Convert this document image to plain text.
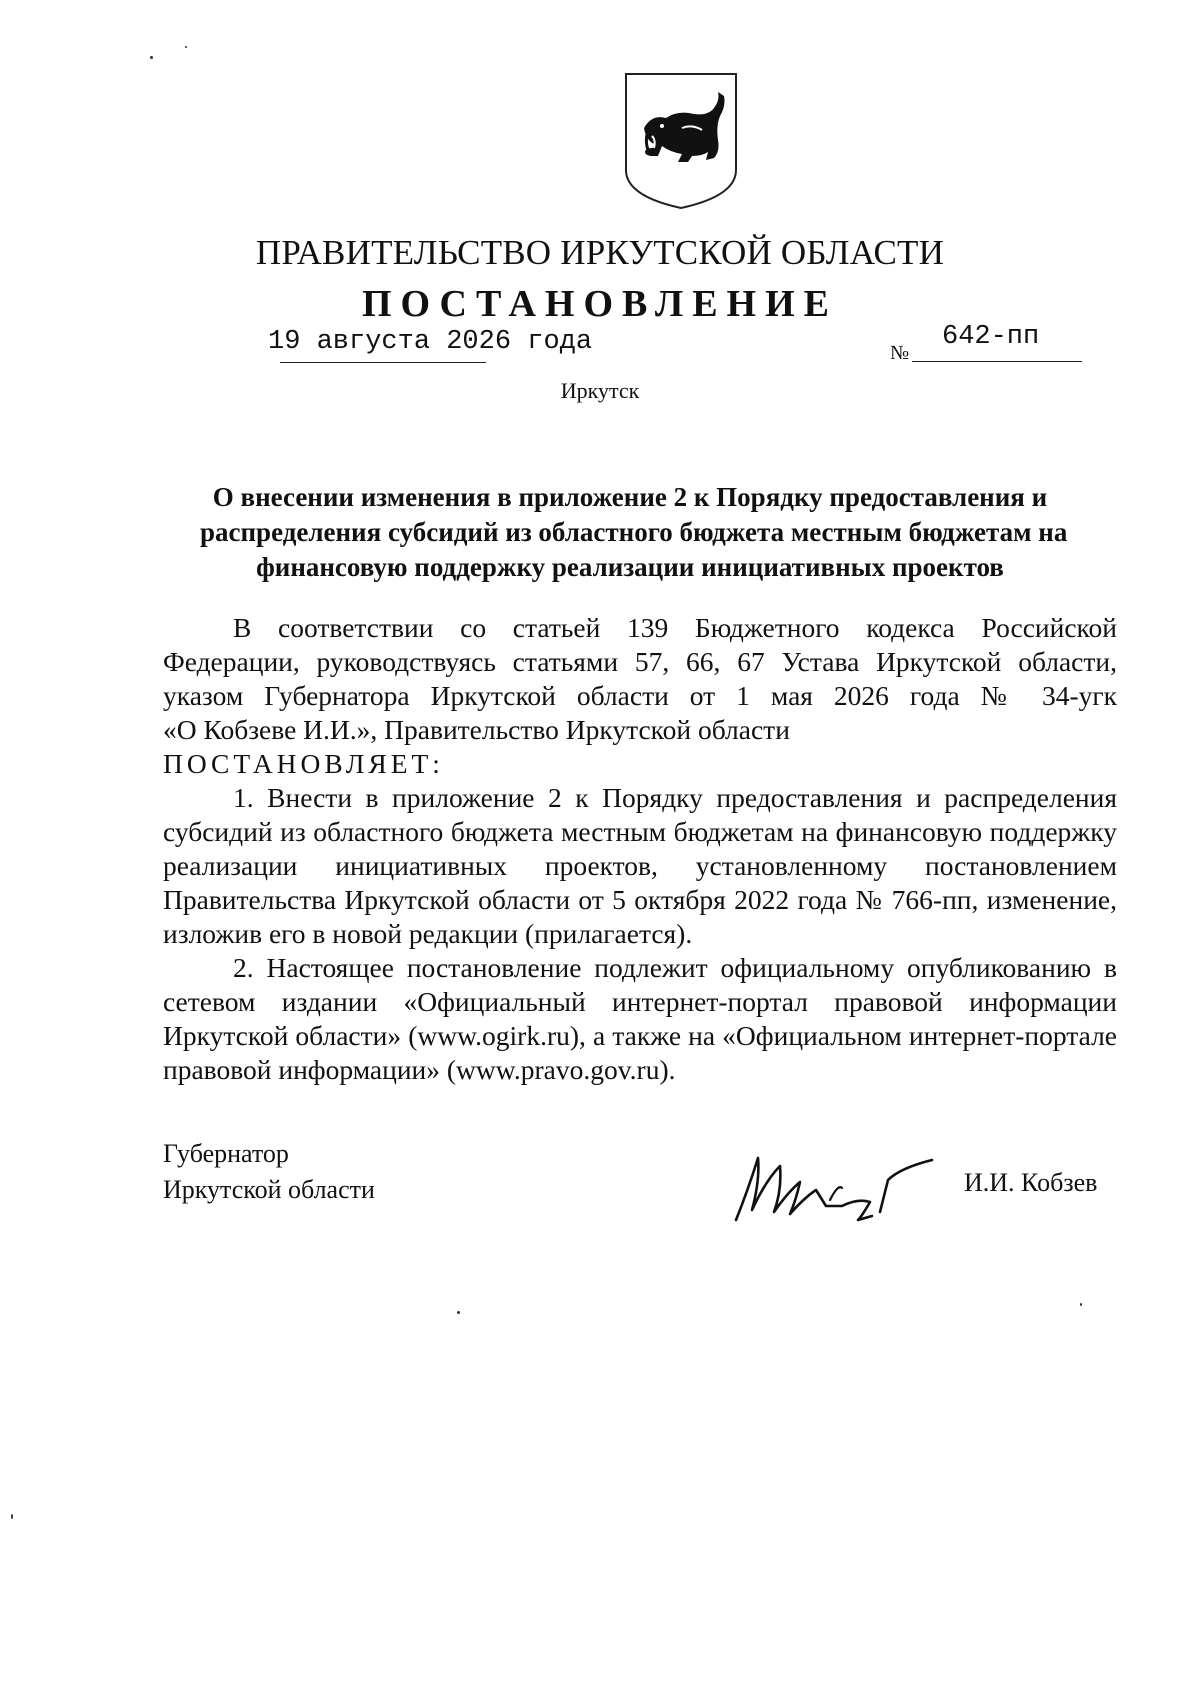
ПРАВИТЕЛЬСТВО ИРКУТСКОЙ ОБЛАСТИ
ПОСТАНОВЛЕНИЕ
19 августа 2026 года	№
642-пп
Иркутск
О внесении изменения в приложение 2 к Порядку предоставления и
распределения субсидий из областного бюджета местным бюджетам на
финансовую поддержку реализации инициативных проектов
В соответствии со статьей 139 Бюджетного кодекса Российской
Федерации, руководствуясь статьями 57, 66, 67 Устава Иркутской области,
указом Губернатора Иркутской области от 1 мая 2026 года № 34-угк
«О Кобзеве И.И.», Правительство Иркутской области
ПОСТАНОВЛЯЕТ:
1. Внести в приложение 2 к Порядку предоставления и распределения
субсидий из областного бюджета местным бюджетам на финансовую поддержку
реализации инициативных проектов, установленному постановлением
Правительства Иркутской области от 5 октября 2022 года № 766-пп, изменение,
изложив его в новой редакции (прилагается).
2. Настоящее постановление подлежит официальному опубликованию в
сетевом издании «Официальный интернет-портал правовой информации
Иркутской области» (www.ogirk.ru), а также на «Официальном интернет-портале
правовой информации» (www.pravo.gov.ru).
Губернатор
Иркутской области	И.И. Кобзев
